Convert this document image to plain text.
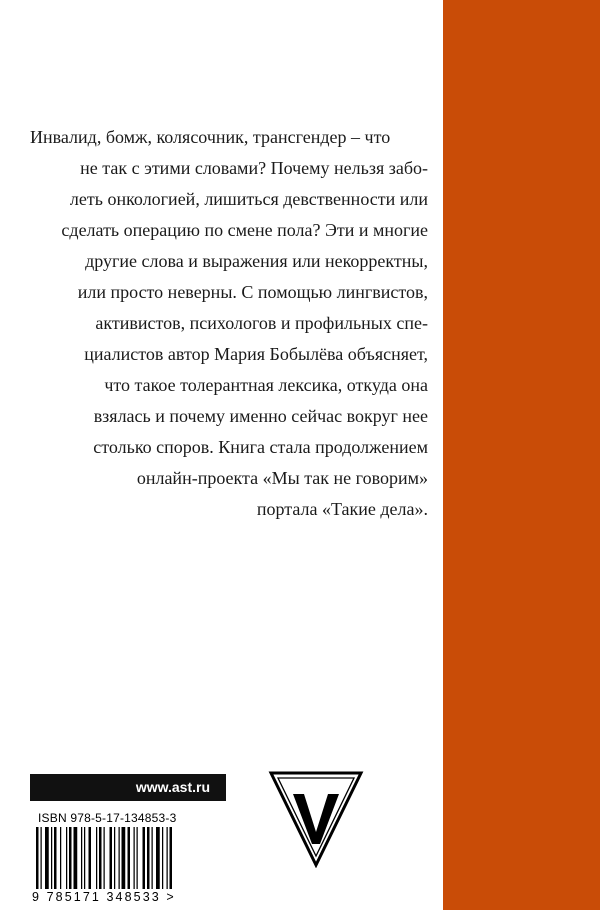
Инвалид, бомж, колясочник, трансгендер – что
не так с этими словами? Почему нельзя забо-
леть онкологией, лишиться девственности или
сделать операцию по смене пола? Эти и многие
другие слова и выражения или некорректны,
или просто неверны. С помощью лингвистов,
активистов, психологов и профильных спе-
циалистов автор Мария Бобылёва объясняет,
что такое толерантная лексика, откуда она
взялась и почему именно сейчас вокруг нее
столько споров. Книга стала продолжением
онлайн-проекта «Мы так не говорим»
портала «Такие дела».
www.ast.ru
ISBN 978-5-17-134853-3
9 785171 348533 >
